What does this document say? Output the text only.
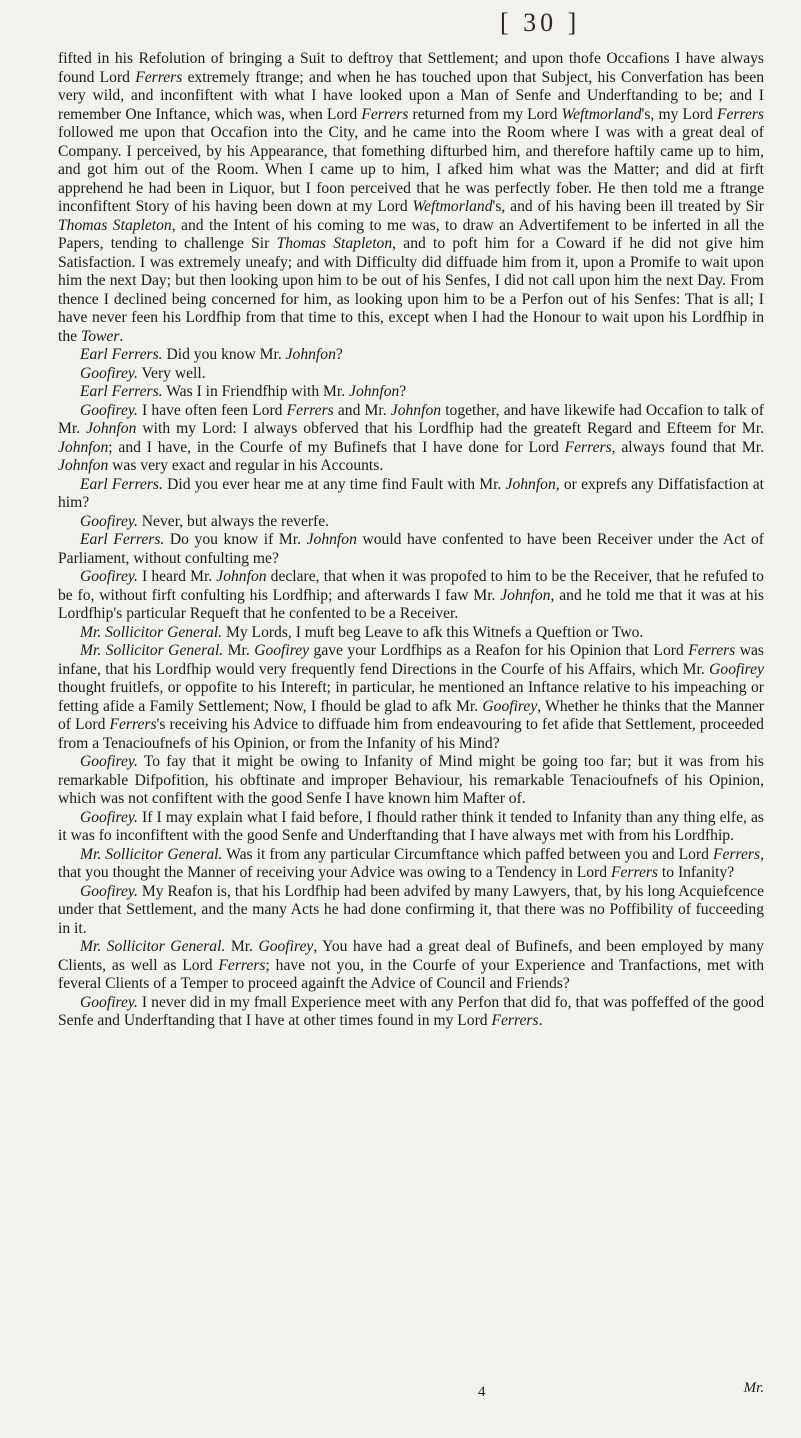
[ 30 ]

fifted in his Refolution of bringing a Suit to deftroy that Settlement; and upon thofe Occafions I have always found Lord Ferrers extremely ftrange; and when he has touched upon that Subject, his Converfation has been very wild, and inconfiftent with what I have looked upon a Man of Senfe and Underftanding to be; and I remember One Inftance, which was, when Lord Ferrers returned from my Lord Weftmorland's, my Lord Ferrers followed me upon that Occafion into the City, and he came into the Room where I was with a great deal of Company. I perceived, by his Appearance, that fomething difturbed him, and therefore haftily came up to him, and got him out of the Room. When I came up to him, I afked him what was the Matter; and did at firft apprehend he had been in Liquor, but I foon perceived that he was perfectly fober. He then told me a ftrange inconfiftent Story of his having been down at my Lord Weftmorland's, and of his having been ill treated by Sir Thomas Stapleton, and the Intent of his coming to me was, to draw an Advertifement to be inferted in all the Papers, tending to challenge Sir Thomas Stapleton, and to poft him for a Coward if he did not give him Satisfaction. I was extremely uneafy; and with Difficulty did diffuade him from it, upon a Promife to wait upon him the next Day; but then looking upon him to be out of his Senfes, I did not call upon him the next Day. From thence I declined being concerned for him, as looking upon him to be a Perfon out of his Senfes: That is all; I have never feen his Lordfhip from that time to this, except when I had the Honour to wait upon his Lordfhip in the Tower.

Earl Ferrers. Did you know Mr. Johnfon?

Goofirey. Very well.

Earl Ferrers. Was I in Friendfhip with Mr. Johnfon?

Goofirey. I have often feen Lord Ferrers and Mr. Johnfon together, and have likewife had Occafion to talk of Mr. Johnfon with my Lord: I always obferved that his Lordfhip had the greateft Regard and Efteem for Mr. Johnfon; and I have, in the Courfe of my Bufinefs that I have done for Lord Ferrers, always found that Mr. Johnfon was very exact and regular in his Accounts.

Earl Ferrers. Did you ever hear me at any time find Fault with Mr. Johnfon, or exprefs any Diffatisfaction at him?

Goofirey. Never, but always the reverfe.

Earl Ferrers. Do you know if Mr. Johnfon would have confented to have been Receiver under the Act of Parliament, without confulting me?

Goofirey. I heard Mr. Johnfon declare, that when it was propofed to him to be the Receiver, that he refufed to be fo, without firft confulting his Lordfhip; and afterwards I faw Mr. Johnfon, and he told me that it was at his Lordfhip's particular Requeft that he confented to be a Receiver.

Mr. Sollicitor General. My Lords, I muft beg Leave to afk this Witnefs a Queftion or Two.

Mr. Sollicitor General. Mr. Goofirey gave your Lordfhips as a Reafon for his Opinion that Lord Ferrers was infane, that his Lordfhip would very frequently fend Directions in the Courfe of his Affairs, which Mr. Goofirey thought fruitlefs, or oppofite to his Intereft; in particular, he mentioned an Inftance relative to his impeaching or fetting afide a Family Settlement; Now, I fhould be glad to afk Mr. Goofirey, Whether he thinks that the Manner of Lord Ferrers's receiving his Advice to diffuade him from endeavouring to fet afide that Settlement, proceeded from a Tenacioufnefs of his Opinion, or from the Infanity of his Mind?

Goofirey. To fay that it might be owing to Infanity of Mind might be going too far; but it was from his remarkable Difpofition, his obftinate and improper Behaviour, his remarkable Tenacioufnefs of his Opinion, which was not confiftent with the good Senfe I have known him Mafter of.

Goofirey. If I may explain what I faid before, I fhould rather think it tended to Infanity than any thing elfe, as it was fo inconfiftent with the good Senfe and Underftanding that I have always met with from his Lordfhip.

Mr. Sollicitor General. Was it from any particular Circumftance which paffed between you and Lord Ferrers, that you thought the Manner of receiving your Advice was owing to a Tendency in Lord Ferrers to Infanity?

Goofirey. My Reafon is, that his Lordfhip had been advifed by many Lawyers, that, by his long Acquiefcence under that Settlement, and the many Acts he had done confirming it, that there was no Poffibility of fucceeding in it.

Mr. Sollicitor General. Mr. Goofirey, You have had a great deal of Bufinefs, and been employed by many Clients, as well as Lord Ferrers; have not you, in the Courfe of your Experience and Tranfactions, met with feveral Clients of a Temper to proceed againft the Advice of Council and Friends?

Goofirey. I never did in my fmall Experience meet with any Perfon that did fo, that was poffeffed of the good Senfe and Underftanding that I have at other times found in my Lord Ferrers.

4	Mr.
